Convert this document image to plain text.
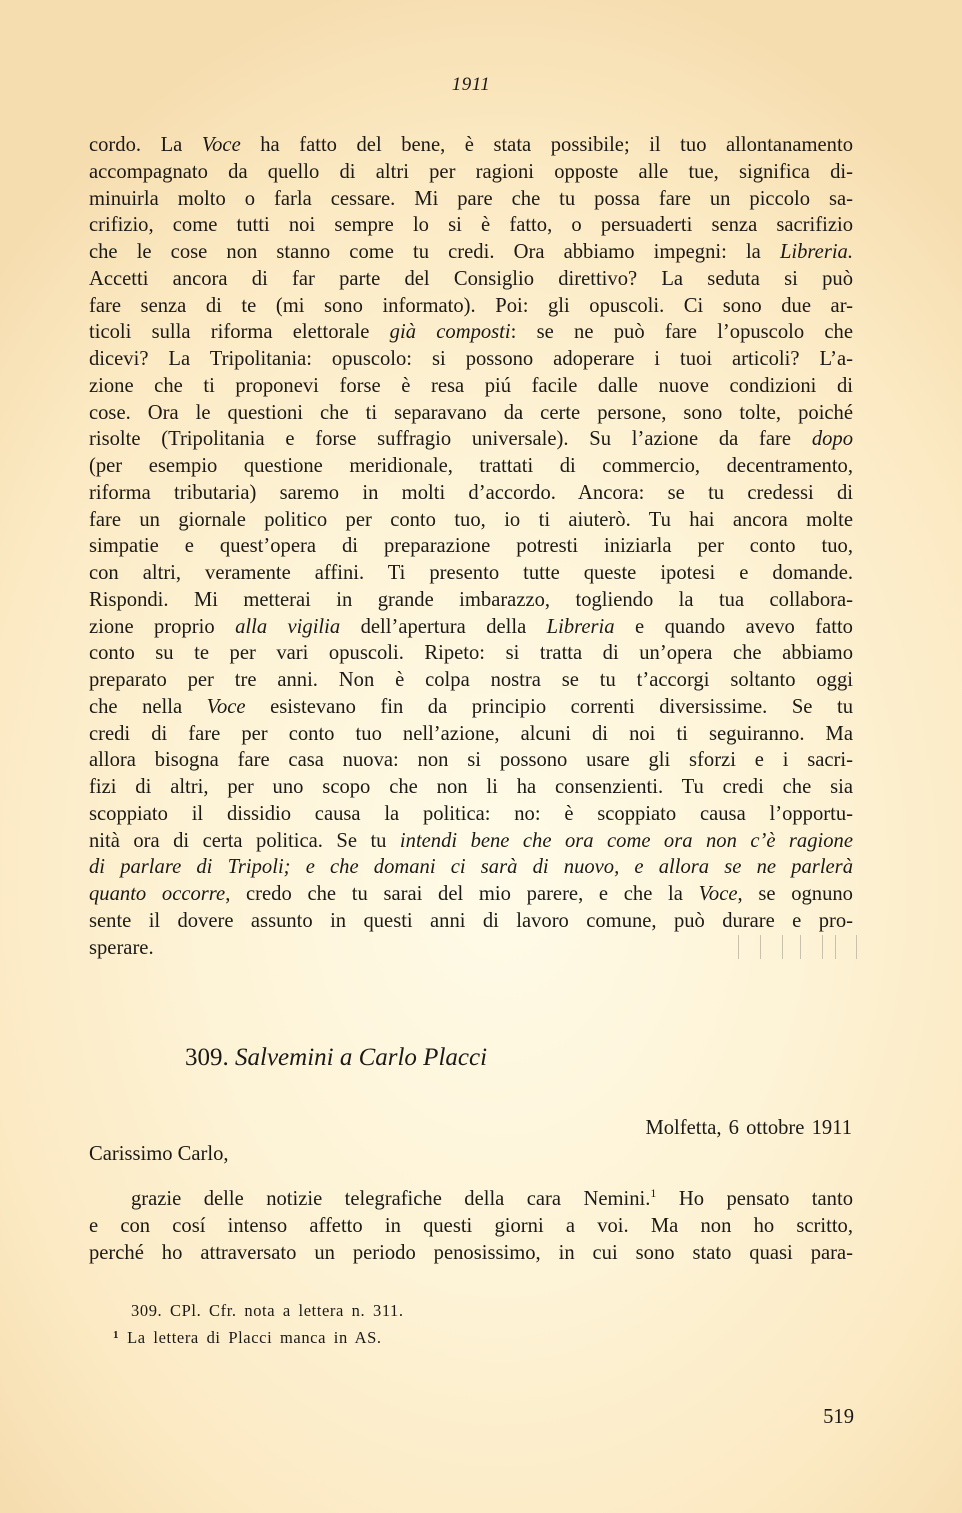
1911
cordo. La Voce ha fatto del bene, è stata possibile; il tuo allontanamento
accompagnato da quello di altri per ragioni opposte alle tue, significa di-
minuirla molto o farla cessare. Mi pare che tu possa fare un piccolo sa-
crifizio, come tutti noi sempre lo si è fatto, o persuaderti senza sacrifizio
che le cose non stanno come tu credi. Ora abbiamo impegni: la Libreria.
Accetti ancora di far parte del Consiglio direttivo? La seduta si può
fare senza di te (mi sono informato). Poi: gli opuscoli. Ci sono due ar-
ticoli sulla riforma elettorale già composti: se ne può fare l’opuscolo che
dicevi? La Tripolitania: opuscolo: si possono adoperare i tuoi articoli? L’a-
zione che ti proponevi forse è resa piú facile dalle nuove condizioni di
cose. Ora le questioni che ti separavano da certe persone, sono tolte, poiché
risolte (Tripolitania e forse suffragio universale). Su l’azione da fare dopo
(per esempio questione meridionale, trattati di commercio, decentramento,
riforma tributaria) saremo in molti d’accordo. Ancora: se tu credessi di
fare un giornale politico per conto tuo, io ti aiuterò. Tu hai ancora molte
simpatie e quest’opera di preparazione potresti iniziarla per conto tuo,
con altri, veramente affini. Ti presento tutte queste ipotesi e domande.
Rispondi. Mi metterai in grande imbarazzo, togliendo la tua collabora-
zione proprio alla vigilia dell’apertura della Libreria e quando avevo fatto
conto su te per vari opuscoli. Ripeto: si tratta di un’opera che abbiamo
preparato per tre anni. Non è colpa nostra se tu t’accorgi soltanto oggi
che nella Voce esistevano fin da principio correnti diversissime. Se tu
credi di fare per conto tuo nell’azione, alcuni di noi ti seguiranno. Ma
allora bisogna fare casa nuova: non si possono usare gli sforzi e i sacri-
fizi di altri, per uno scopo che non li ha consenzienti. Tu credi che sia
scoppiato il dissidio causa la politica: no: è scoppiato causa l’opportu-
nità ora di certa politica. Se tu intendi bene che ora come ora non c’è ragione
di parlare di Tripoli; e che domani ci sarà di nuovo, e allora se ne parlerà
quanto occorre, credo che tu sarai del mio parere, e che la Voce, se ognuno
sente il dovere assunto in questi anni di lavoro comune, può durare e pro-
sperare.
309. Salvemini a Carlo Placci
Molfetta, 6 ottobre 1911
Carissimo Carlo,
grazie delle notizie telegrafiche della cara Nemini.$^1$ Ho pensato tanto
e con cosí intenso affetto in questi giorni a voi. Ma non ho scritto,
perché ho attraversato un periodo penosissimo, in cui sono stato quasi para-
309. CPl. Cfr. nota a lettera n. 311.
$^1$ La lettera di Placci manca in AS.
519
